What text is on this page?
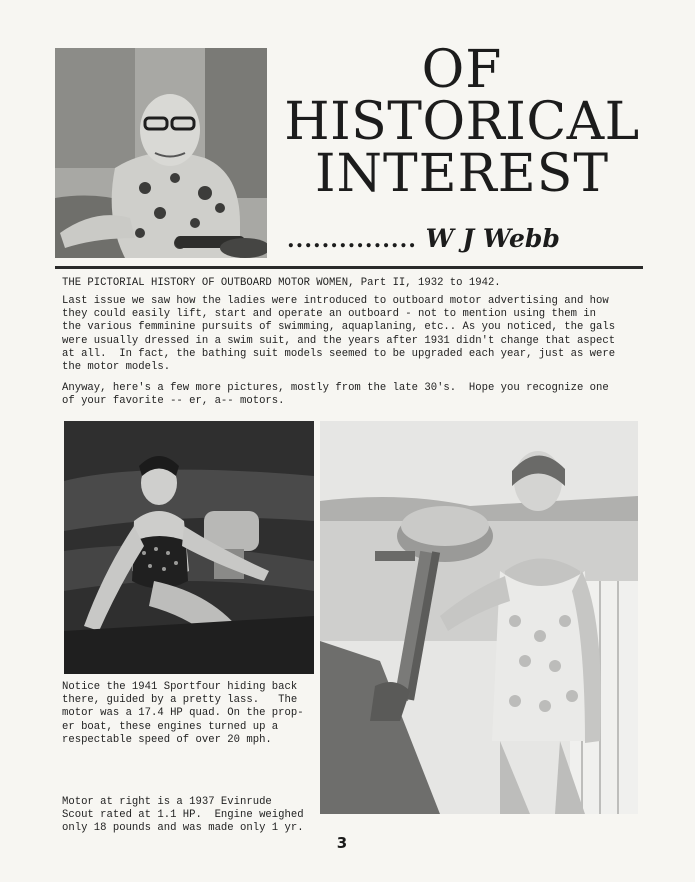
OF
HISTORICAL
INTEREST
............... W J Webb

THE PICTORIAL HISTORY OF OUTBOARD MOTOR WOMEN, Part II, 1932 to 1942.

Last issue we saw how the ladies were introduced to outboard motor advertising and how
they could easily lift, start and operate an outboard - not to mention using them in
the various femminine pursuits of swimming, aquaplaning, etc.. As you noticed, the gals
were usually dressed in a swim suit, and the years after 1931 didn't change that aspect
at all.  In fact, the bathing suit models seemed to be upgraded each year, just as were
the motor models.

Anyway, here's a few more pictures, mostly from the late 30's.  Hope you recognize one
of your favorite -- er, a-- motors.

Notice the 1941 Sportfour hiding back
there, guided by a pretty lass.   The
motor was a 17.4 HP quad. On the prop-
er boat, these engines turned up a
respectable speed of over 20 mph.

Motor at right is a 1937 Evinrude
Scout rated at 1.1 HP.  Engine weighed
only 18 pounds and was made only 1 yr.

3
